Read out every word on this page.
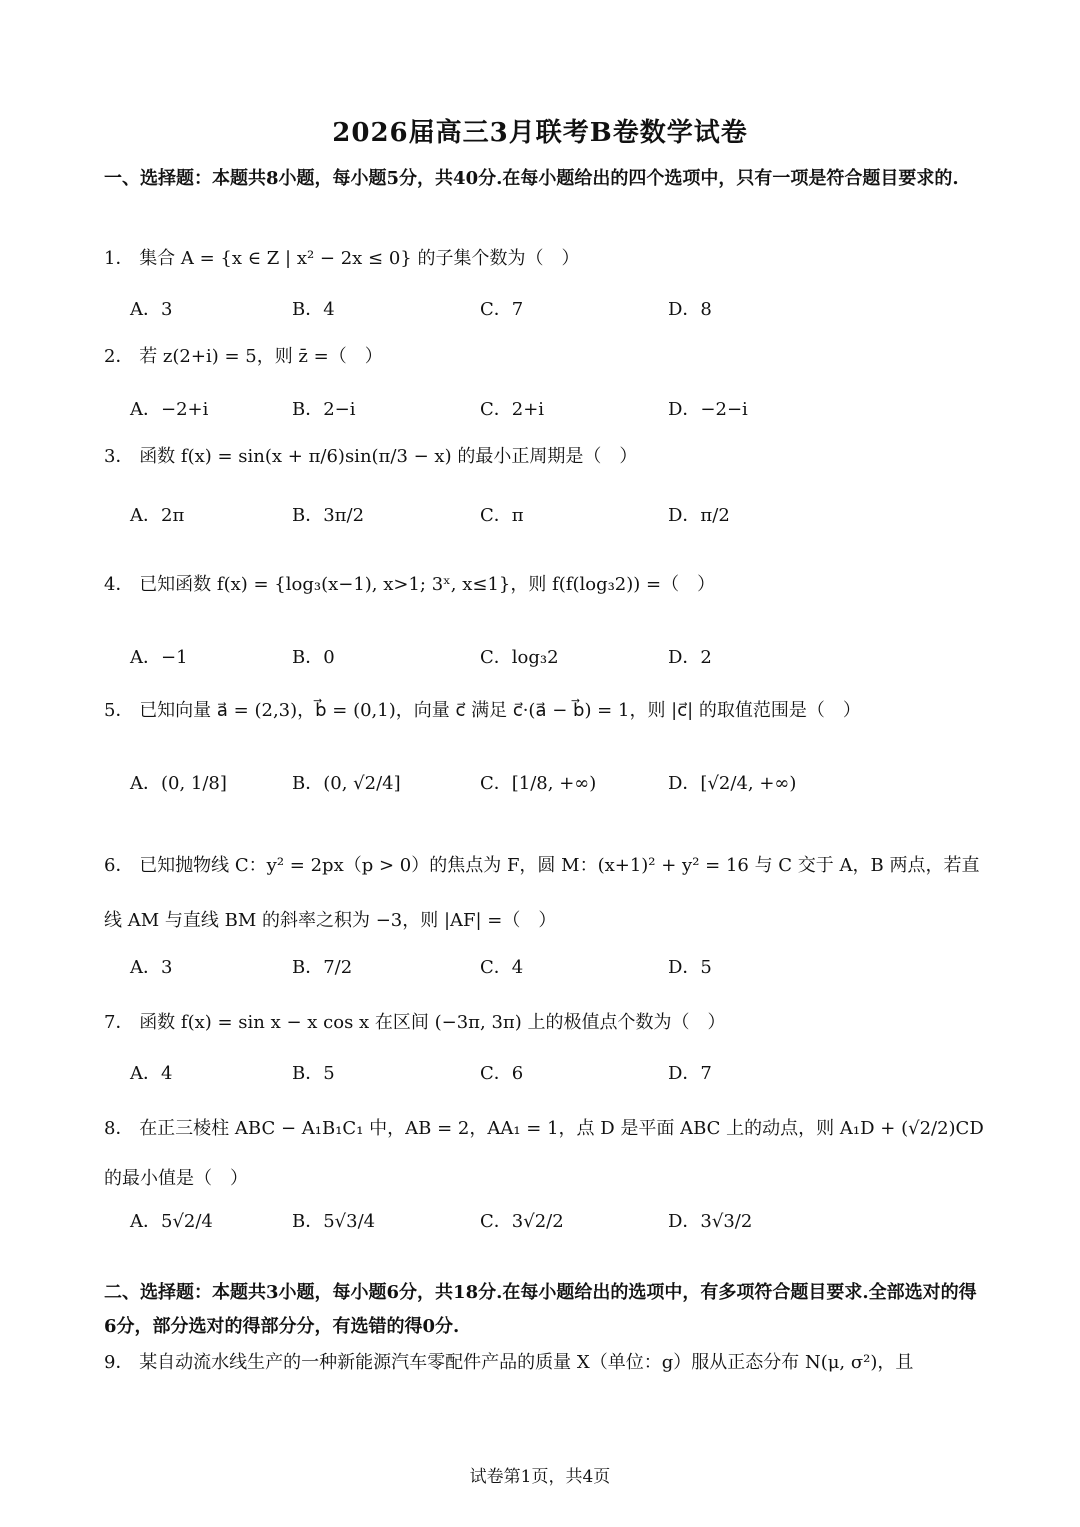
2026届高三3月联考B卷数学试卷
一、选择题：本题共8小题，每小题5分，共40分.在每小题给出的四个选项中，只有一项是符合题目要求的.
1． 集合 A = {x ∈ Z | x² − 2x ≤ 0} 的子集个数为（　）
A．3	B．4	C．7	D．8
2． 若 z(2+i) = 5，则 z̄ =（　）
A．−2+i	B．2−i	C．2+i	D．−2−i
3． 函数 f(x) = sin(x + π/6)sin(π/3 − x) 的最小正周期是（　）
A．2π	B．3π/2	C．π	D．π/2
4． 已知函数 f(x) = {log₃(x−1), x>1; 3ˣ, x≤1}，则 f(f(log₃2)) =（　）
A．−1	B．0	C．log₃2	D．2
5． 已知向量 a⃗ = (2,3)，b⃗ = (0,1)，向量 c⃗ 满足 c⃗·(a⃗ − b⃗) = 1，则 |c⃗| 的取值范围是（　）
A．(0, 1/8]	B．(0, √2/4]	C．[1/8, +∞)	D．[√2/4, +∞)
6． 已知抛物线 C：y² = 2px（p > 0）的焦点为 F，圆 M：(x+1)² + y² = 16 与 C 交于 A，B 两点，若直线 AM 与直线 BM 的斜率之积为 −3，则 |AF| =（　）
A．3	B．7/2	C．4	D．5
7． 函数 f(x) = sin x − x cos x 在区间 (−3π, 3π) 上的极值点个数为（　）
A．4	B．5	C．6	D．7
8． 在正三棱柱 ABC − A₁B₁C₁ 中，AB = 2，AA₁ = 1，点 D 是平面 ABC 上的动点，则 A₁D + (√2/2)CD 的最小值是（　）
A．5√2/4	B．5√3/4	C．3√2/2	D．3√3/2
二、选择题：本题共3小题，每小题6分，共18分.在每小题给出的选项中，有多项符合题目要求.全部选对的得6分，部分选对的得部分分，有选错的得0分.
9． 某自动流水线生产的一种新能源汽车零配件产品的质量 X（单位：g）服从正态分布 N(μ, σ²)，且
试卷第1页，共4页
